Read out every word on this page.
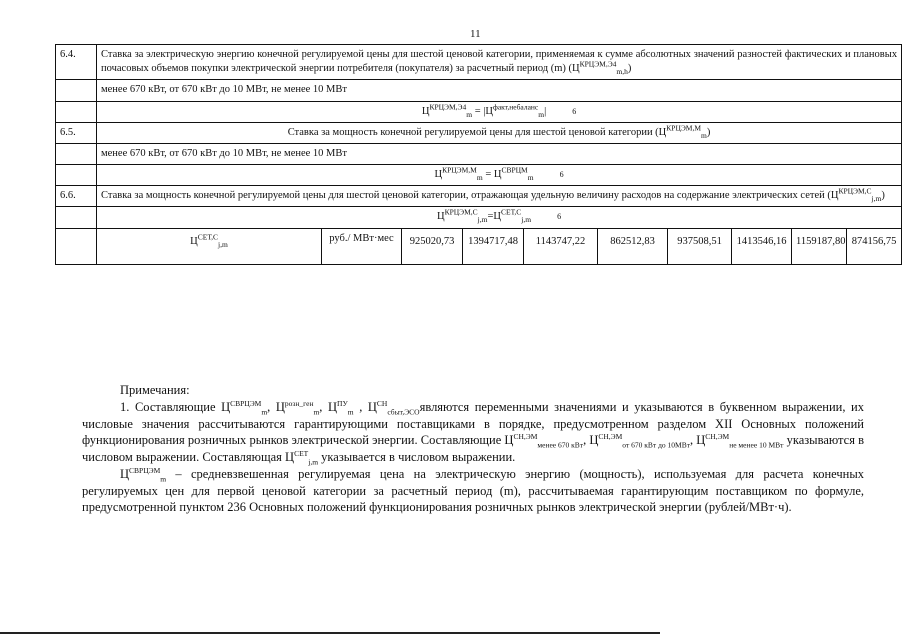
11
6.4.	Ставка за электрическую энергию конечной регулируемой цены для шестой ценовой категории, применяемая к сумме абсолютных значений разностей фактических и плановых почасовых объемов покупки электрической энергии потребителя (покупателя) за расчетный период (m) $(Ц^{КРЦЭМ,Э4}_{m,h})$									
	менее 670 кВт, от 670 кВт до 10 МВт, не менее 10 МВт									
	$Ц^{КРЦЭМ,Э4}_m = |Ц^{факт,небаланс}_m|$ 6									
6.5.	Ставка за мощность конечной регулируемой цены для шестой ценовой категории $(Ц^{КРЦЭМ,М}_m)$									
	менее 670 кВт, от 670 кВт до 10 МВт, не менее 10 МВт									
	$Ц^{КРЦЭМ,М}_m = Ц^{СВРЦМ}_m$ 6									
6.6.	Ставка за мощность конечной регулируемой цены для шестой ценовой категории, отражающая удельную величину расходов на содержание электрических сетей $(Ц^{КРЦЭМ,С}_{j,m})$									
	$Ц^{КРЦЭМ,С}_{j,m}=Ц^{СЕТ,С}_{j,m}$ 6									
	$Ц^{СЕТ,С}_{j,m}$	руб./ МВт·мес	925020,73	1394717,48	1143747,22	862512,83	937508,51	1413546,16	1159187,80	874156,75

Примечания:

1. Составляющие $Ц^{СВРЦЭМ}_m$, $Ц^{розн\_ген}_m$, $Ц^{ПУ}_m$ , $Ц^{СН}_{сбыт,ЭСО}являются$ переменными значениями и указываются в буквенном выражении, их числовые значения рассчитываются гарантирующими поставщиками в порядке, предусмотренном разделом XII Основных положений функционирования розничных рынков электрической энергии. Составляющие $Ц^{СН,ЭМ}_{менее 670 кВт}$, $Ц^{СН,ЭМ}_{от 670 кВт до 10МВт}$, $Ц^{СН,ЭМ}_{не менее 10 МВт}$ указываются в числовом выражении. Составляющая $Ц^{СЕТ}_{j,m}$ указывается в числовом выражении.

$Ц^{СВРЦЭМ}_m$ – средневзвешенная регулируемая цена на электрическую энергию (мощность), используемая для расчета конечных регулируемых цен для первой ценовой категории за расчетный период (m), рассчитываемая гарантирующим поставщиком по формуле, предусмотренной пунктом 236 Основных положений функционирования розничных рынков электрической энергии (рублей/МВт·ч).
